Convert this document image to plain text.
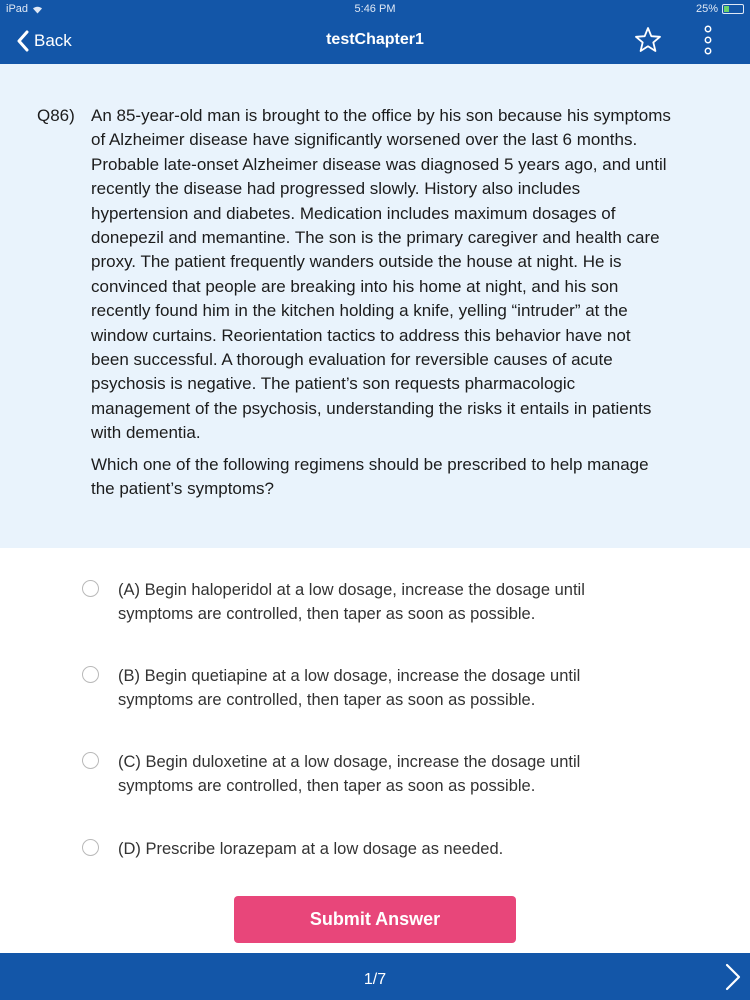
iPad	5:46 PM	25%
Back	testChapter1
Q86) An 85-year-old man is brought to the office by his son because his symptoms of Alzheimer disease have significantly worsened over the last 6 months. Probable late-onset Alzheimer disease was diagnosed 5 years ago, and until recently the disease had progressed slowly. History also includes hypertension and diabetes. Medication includes maximum dosages of donepezil and memantine. The son is the primary caregiver and health care proxy. The patient frequently wanders outside the house at night. He is convinced that people are breaking into his home at night, and his son recently found him in the kitchen holding a knife, yelling “intruder” at the window curtains. Reorientation tactics to address this behavior have not been successful. A thorough evaluation for reversible causes of acute psychosis is negative. The patient’s son requests pharmacologic management of the psychosis, understanding the risks it entails in patients with dementia.

Which one of the following regimens should be prescribed to help manage the patient’s symptoms?

(A) Begin haloperidol at a low dosage, increase the dosage until symptoms are controlled, then taper as soon as possible.
(B) Begin quetiapine at a low dosage, increase the dosage until symptoms are controlled, then taper as soon as possible.
(C) Begin duloxetine at a low dosage, increase the dosage until symptoms are controlled, then taper as soon as possible.
(D) Prescribe lorazepam at a low dosage as needed.
Submit Answer
1/7
